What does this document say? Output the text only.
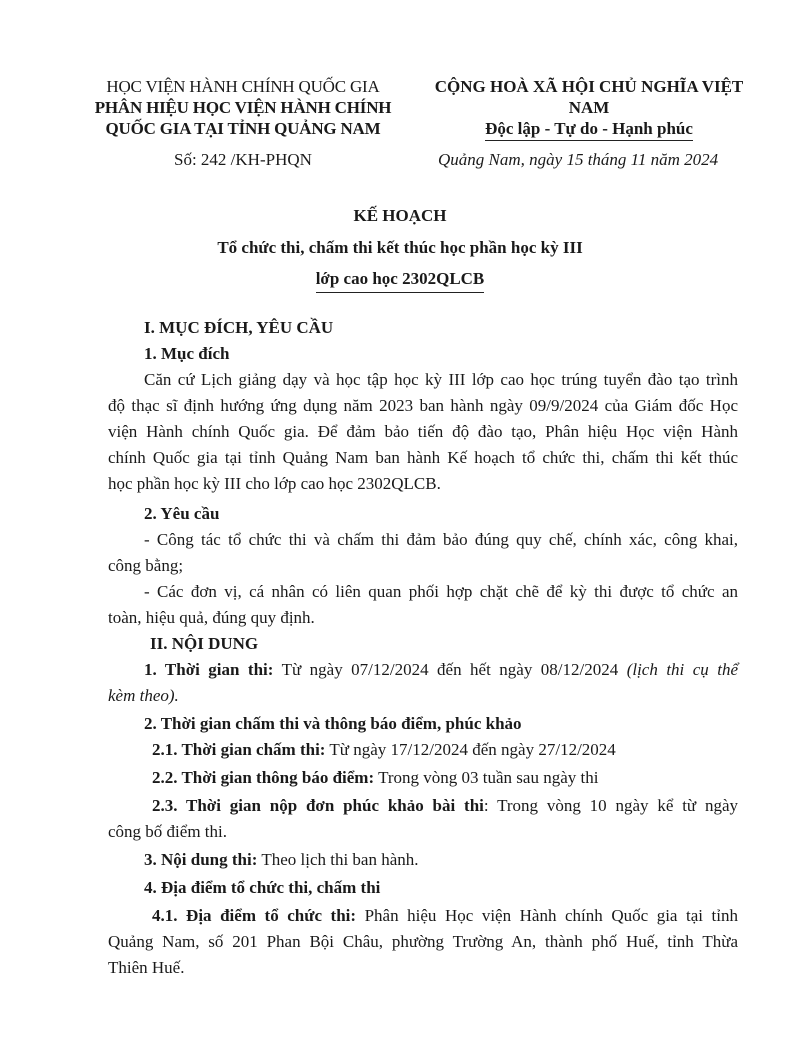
HỌC VIỆN HÀNH CHÍNH QUỐC GIA
PHÂN HIỆU HỌC VIỆN HÀNH CHÍNH
QUỐC GIA TẠI TỈNH QUẢNG NAM
CỘNG HOÀ XÃ HỘI CHỦ NGHĨA VIỆT NAM
Độc lập - Tự do - Hạnh phúc
Số: 242 /KH-PHQN	Quảng Nam, ngày 15 tháng 11 năm 2024
KẾ HOẠCH
Tổ chức thi, chấm thi kết thúc học phần học kỳ III
lớp cao học 2302QLCB

I. MỤC ĐÍCH, YÊU CẦU

1. Mục đích

Căn cứ Lịch giảng dạy và học tập học kỳ III lớp cao học trúng tuyển đào tạo trình

độ thạc sĩ định hướng ứng dụng năm 2023 ban hành ngày 09/9/2024 của Giám đốc Học

viện Hành chính Quốc gia. Để đảm bảo tiến độ đào tạo, Phân hiệu Học viện Hành

chính Quốc gia tại tỉnh Quảng Nam ban hành Kế hoạch tổ chức thi, chấm thi kết thúc

học phần học kỳ III cho lớp cao học 2302QLCB.

2. Yêu cầu

- Công tác tổ chức thi và chấm thi đảm bảo đúng quy chế, chính xác, công khai,

công bằng;

- Các đơn vị, cá nhân có liên quan phối hợp chặt chẽ để kỳ thi được tổ chức an

toàn, hiệu quả, đúng quy định.

II. NỘI DUNG

1. Thời gian thi: Từ ngày 07/12/2024 đến hết ngày 08/12/2024 (lịch thi cụ thể

kèm theo).

2. Thời gian chấm thi và thông báo điểm, phúc khảo

2.1. Thời gian chấm thi: Từ ngày 17/12/2024 đến ngày 27/12/2024

2.2. Thời gian thông báo điểm: Trong vòng 03 tuần sau ngày thi

2.3. Thời gian nộp đơn phúc khảo bài thi: Trong vòng 10 ngày kể từ ngày

công bố điểm thi.

3. Nội dung thi: Theo lịch thi ban hành.

4. Địa điểm tổ chức thi, chấm thi

4.1. Địa điểm tổ chức thi: Phân hiệu Học viện Hành chính Quốc gia tại tỉnh

Quảng Nam, số 201 Phan Bội Châu, phường Trường An, thành phố Huế, tỉnh Thừa

Thiên Huế.
